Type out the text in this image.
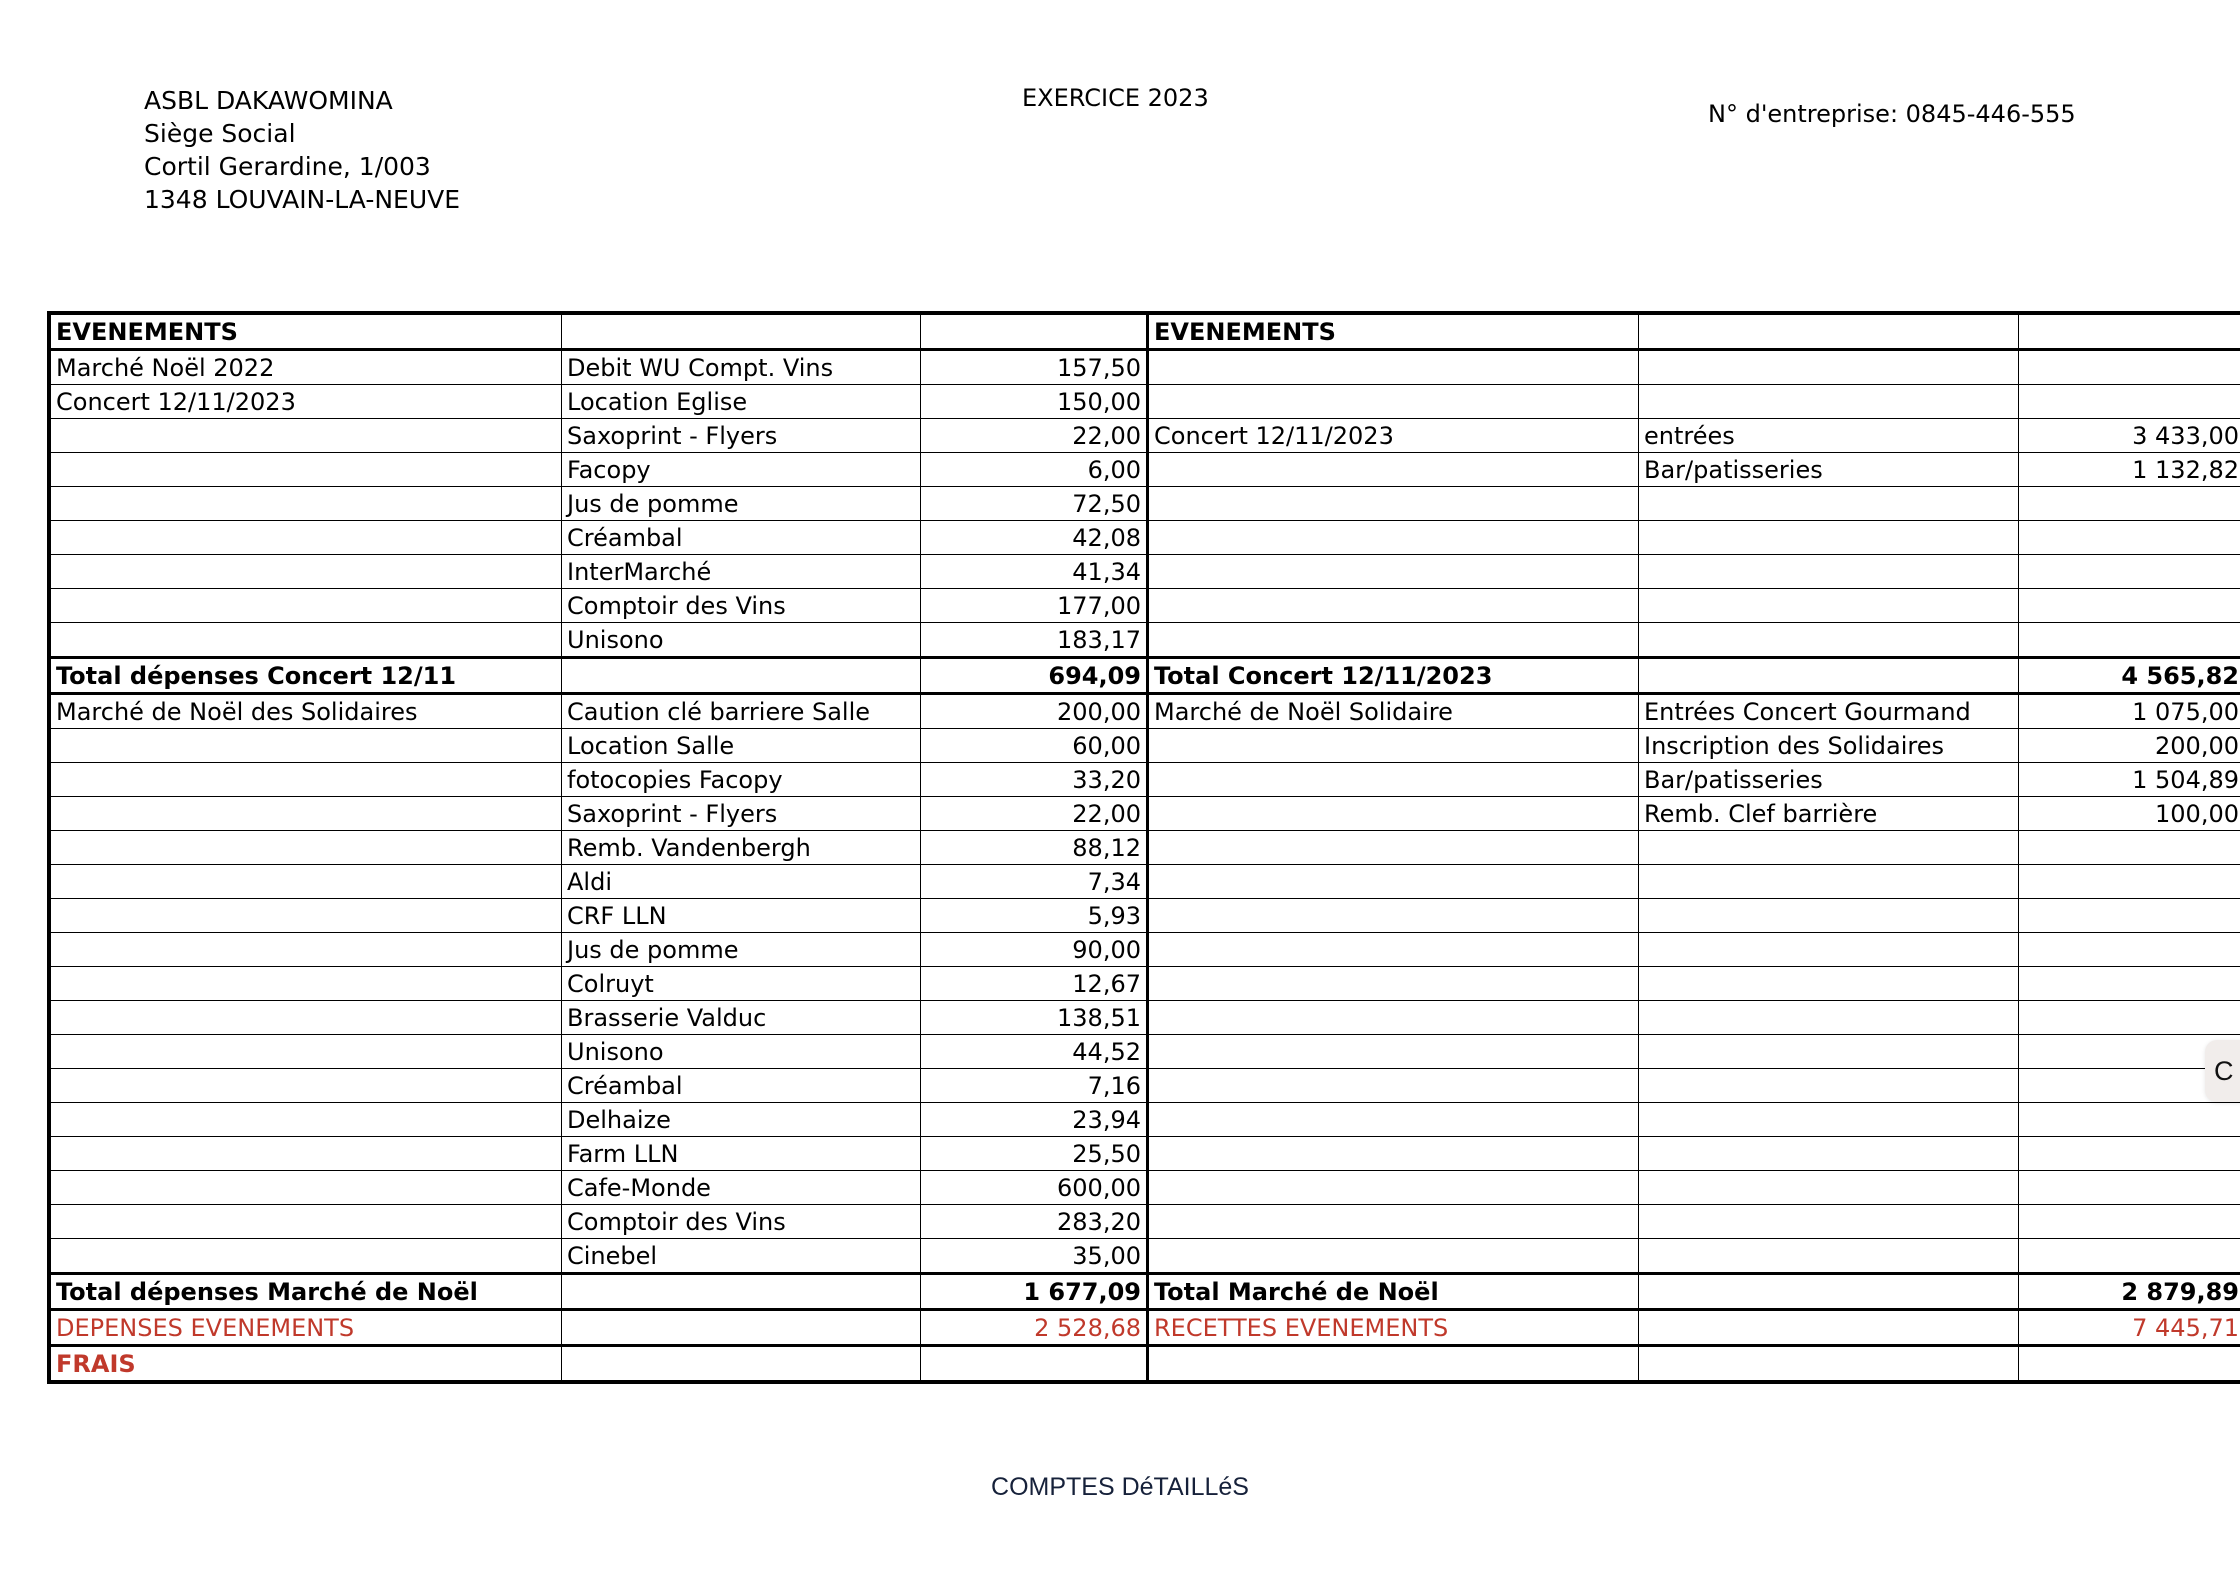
ASBL DAKAWOMINA
Siège Social
Cortil Gerardine, 1/003
1348 LOUVAIN-LA-NEUVE
EXERCICE 2023
N° d'entreprise: 0845-446-555
EVENEMENTS			EVENEMENTS		
Marché Noël 2022	Debit WU Compt. Vins	157,50			
Concert 12/11/2023	Location Eglise	150,00			
	Saxoprint - Flyers	22,00	Concert 12/11/2023	entrées	3 433,00
	Facopy	6,00		Bar/patisseries	1 132,82
	Jus de pomme	72,50			
	Créambal	42,08			
	InterMarché	41,34			
	Comptoir des Vins	177,00			
	Unisono	183,17			
Total dépenses Concert 12/11		694,09	Total Concert 12/11/2023		4 565,82
Marché de Noël des Solidaires	Caution clé barriere Salle	200,00	Marché de Noël Solidaire	Entrées Concert Gourmand	1 075,00
	Location Salle	60,00		Inscription des Solidaires	200,00
	fotocopies Facopy	33,20		Bar/patisseries	1 504,89
	Saxoprint - Flyers	22,00		Remb. Clef barrière	100,00
	Remb. Vandenbergh	88,12			
	Aldi	7,34			
	CRF LLN	5,93			
	Jus de pomme	90,00			
	Colruyt	12,67			
	Brasserie Valduc	138,51			
	Unisono	44,52			
	Créambal	7,16			
	Delhaize	23,94			
	Farm LLN	25,50			
	Cafe-Monde	600,00			
	Comptoir des Vins	283,20			
	Cinebel	35,00			
Total dépenses Marché de Noël		1 677,09	Total Marché de Noël		2 879,89
DEPENSES EVENEMENTS		2 528,68	RECETTES EVENEMENTS		7 445,71
FRAIS					
COMPTES DéTAILLéS
C
